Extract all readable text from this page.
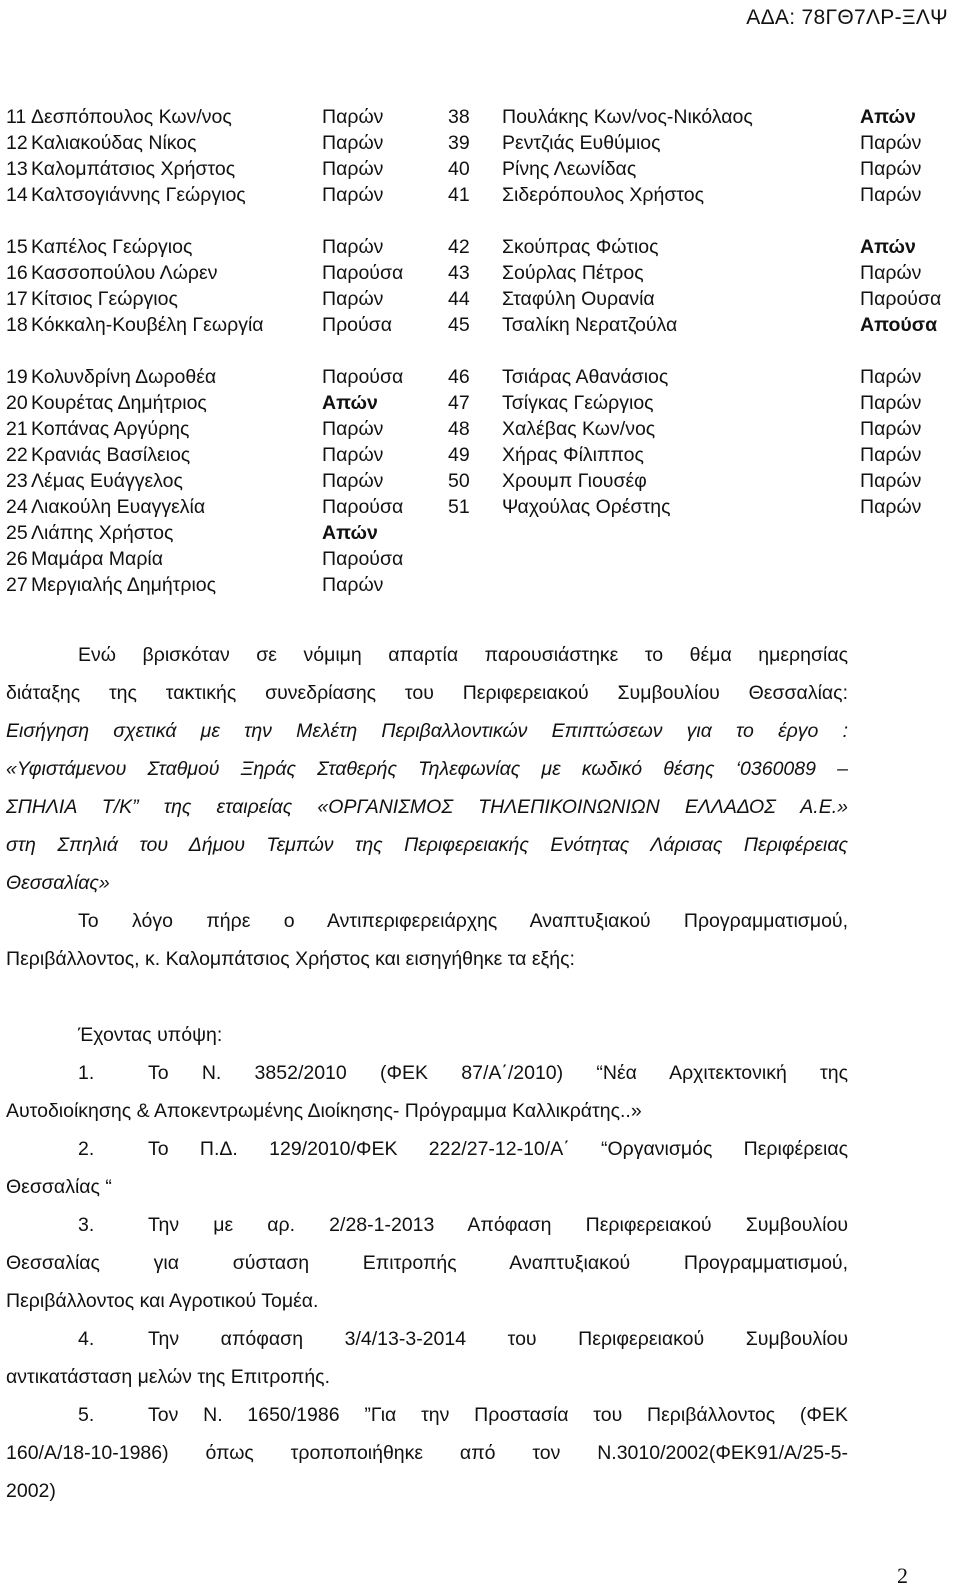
ΑΔΑ: 78ΓΘ7ΛΡ-ΞΛΨ
11 Δεσπόπουλος Κων/νος	Παρών	38 Πουλάκης Κων/νος-Νικόλαος	Απών
12 Καλιακούδας Νίκος	Παρών	39 Ρεντζιάς Ευθύμιος	Παρών
13 Καλομπάτσιος Χρήστος	Παρών	40 Ρίνης Λεωνίδας	Παρών
14 Καλτσογιάννης Γεώργιος	Παρών	41 Σιδερόπουλος Χρήστος	Παρών
15 Καπέλος Γεώργιος	Παρών	42 Σκούπρας Φώτιος	Απών
16 Κασσοπούλου Λώρεν	Παρούσα 43 Σούρλας Πέτρος	Παρών
17 Κίτσιος Γεώργιος	Παρών	44 Σταφύλη Ουρανία	Παρούσα
18 Κόκκαλη-Κουβέλη Γεωργία	Προύσα	45 Τσαλίκη Νερατζούλα	Απούσα
19 Κολυνδρίνη Δωροθέα	Παρούσα 46 Τσιάρας Αθανάσιος	Παρών
20 Κουρέτας Δημήτριος	Απών	47 Τσίγκας Γεώργιος	Παρών
21 Κοπάνας Αργύρης	Παρών	48 Χαλέβας Κων/νος	Παρών
22 Κρανιάς Βασίλειος	Παρών	49 Χήρας Φίλιππος	Παρών
23 Λέμας Ευάγγελος	Παρών	50 Χρουμπ Γιουσέφ	Παρών
24 Λιακούλη Ευαγγελία	Παρούσα 51 Ψαχούλας Ορέστης	Παρών
25 Λιάπης Χρήστος	Απών
26 Μαμάρα Μαρία	Παρούσα
27 Μεργιαλής Δημήτριος	Παρών
Ενώ βρισκόταν σε νόμιμη απαρτία παρουσιάστηκε το θέμα ημερησίας
διάταξης της τακτικής συνεδρίασης του Περιφερειακού Συμβουλίου Θεσσαλίας:
Εισήγηση σχετικά με την Μελέτη Περιβαλλοντικών Επιπτώσεων για το έργο :
«Υφιστάμενου Σταθμού Ξηράς Σταθερής Τηλεφωνίας με κωδικό θέσης ‘0360089 –
ΣΠΗΛΙΑ Τ/Κ” της εταιρείας «ΟΡΓΑΝΙΣΜΟΣ ΤΗΛΕΠΙΚΟΙΝΩΝΙΩΝ ΕΛΛΑΔΟΣ Α.Ε.»
στη Σπηλιά του Δήμου Τεμπών της Περιφερειακής Ενότητας Λάρισας Περιφέρειας
Θεσσαλίας»
Το λόγο πήρε ο Αντιπεριφερειάρχης Αναπτυξιακού Προγραμματισμού,
Περιβάλλοντος, κ. Καλομπάτσιος Χρήστος και εισηγήθηκε τα εξής:
Έχοντας υπόψη:
1.	Το Ν. 3852/2010 (ΦΕΚ 87/Α΄/2010) “Νέα Αρχιτεκτονική της
Αυτοδιοίκησης & Αποκεντρωμένης Διοίκησης- Πρόγραμμα Καλλικράτης..»
2.	Το Π.Δ. 129/2010/ΦΕΚ 222/27-12-10/Α΄ “Οργανισμός Περιφέρειας
Θεσσαλίας “
3.	Την με αρ. 2/28-1-2013 Απόφαση Περιφερειακού Συμβουλίου
Θεσσαλίας για σύσταση Επιτροπής Αναπτυξιακού Προγραμματισμού,
Περιβάλλοντος και Αγροτικού Τομέα.
4.	Την απόφαση 3/4/13-3-2014 του Περιφερειακού Συμβουλίου
αντικατάσταση μελών της Επιτροπής.
5.	Τον Ν. 1650/1986 ”Για την Προστασία του Περιβάλλοντος (ΦΕΚ
160/Α/18-10-1986) όπως τροποποιήθηκε από τον Ν.3010/2002(ΦΕΚ91/Α/25-5-
2002)
2
